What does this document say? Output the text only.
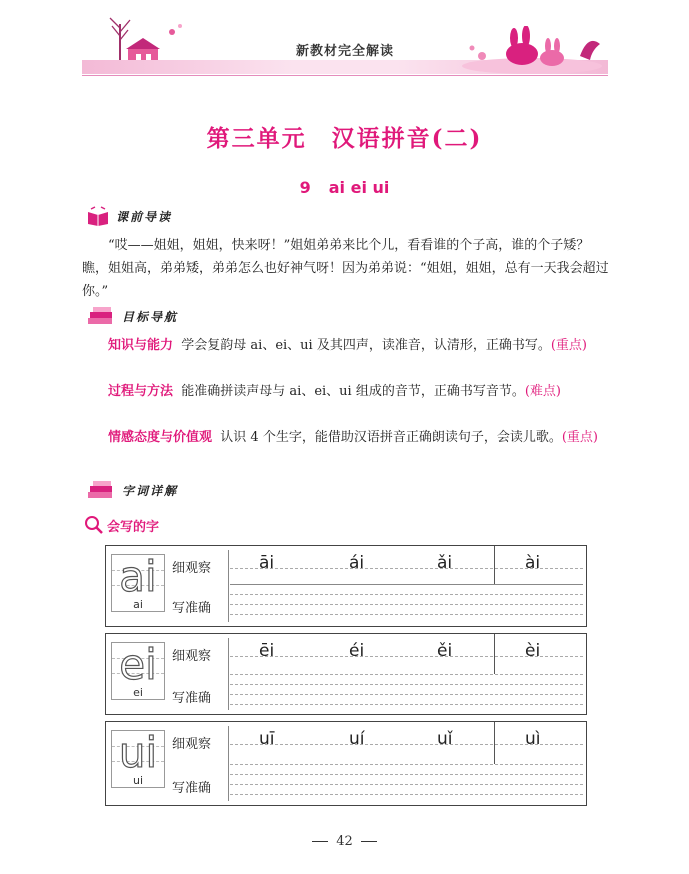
新教材完全解读
第三单元　汉语拼音(二)
9 ai ei ui
课前导读
“哎——姐姐，姐姐，快来呀！”姐姐弟弟来比个儿，看看谁的个子高，谁的个子矮？瞧，姐姐高，弟弟矮，弟弟怎么也好神气呀！因为弟弟说：“姐姐，姐姐，总有一天我会超过你。”
目标导航
知识与能力 学会复韵母 ai、ei、ui 及其四声，读准音，认清形，正确书写。(重点)
过程与方法 能准确拼读声母与 ai、ei、ui 组成的音节，正确书写音节。(难点)
情感态度与价值观 认识 4 个生字，能借助汉语拼音正确朗读句子，会读儿歌。(重点)
字词详解
会写的字
ai
ai
细观察	āi	ái	ǎi	ài
写准确
ei
ei
细观察	ēi	éi	ěi	èi
写准确
ui
ui
细观察	uī	uí	uǐ	uì
写准确
42
